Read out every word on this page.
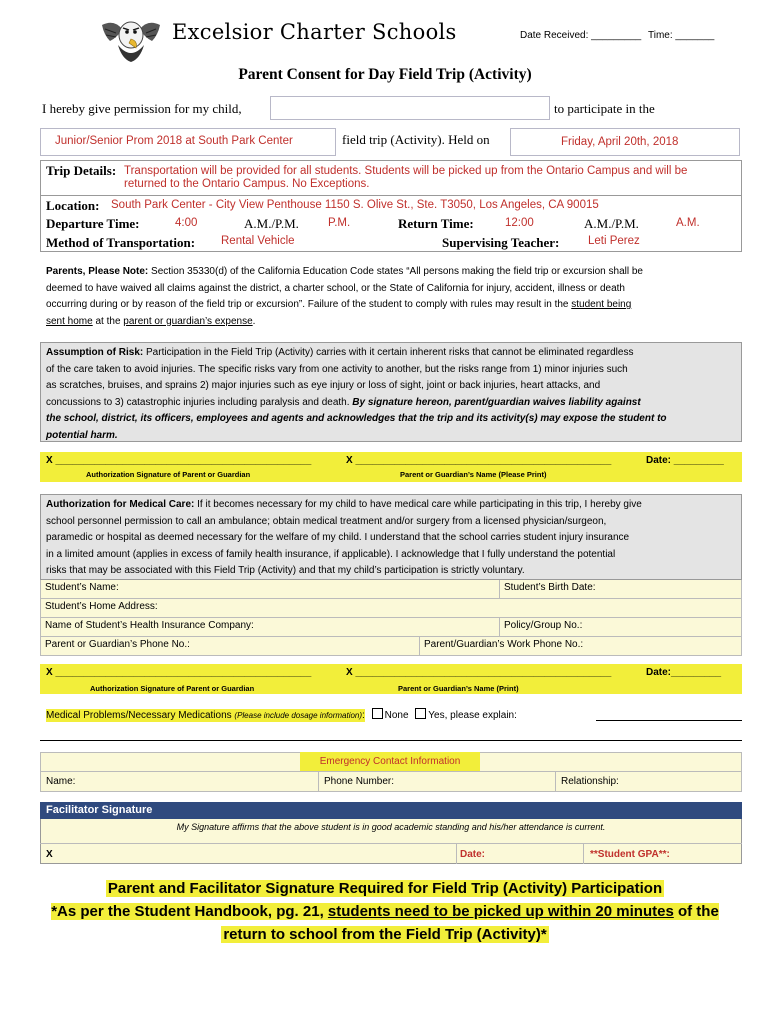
Excelsior Charter Schools	Date Received: _________ Time: _______
Parent Consent for Day Field Trip (Activity)
I hereby give permission for my child,	to participate in the
Junior/Senior Prom 2018 at South Park Center	field trip (Activity). Held on	Friday, April 20th, 2018
Trip Details: Transportation will be provided for all students. Students will be picked up from the Ontario Campus and will be
returned to the Ontario Campus. No Exceptions.
Location: South Park Center - City View Penthouse 1150 S. Olive St., Ste. T3050, Los Angeles, CA 90015
Departure Time:	4:00	A.M./P.M.	P.M.	Return Time:	12:00	A.M./P.M.	A.M.
Method of Transportation: Rental Vehicle	Supervising Teacher: Leti Perez
Parents, Please Note: Section 35330(d) of the California Education Code states “All persons making the field trip or excursion shall be
deemed to have waived all claims against the district, a charter school, or the State of California for injury, accident, illness or death
occurring during or by reason of the field trip or excursion”. Failure of the student to comply with rules may result in the student being
sent home at the parent or guardian’s expense.
Assumption of Risk: Participation in the Field Trip (Activity) carries with it certain inherent risks that cannot be eliminated regardless
of the care taken to avoid injuries. The specific risks vary from one activity to another, but the risks range from 1) minor injuries such
as scratches, bruises, and sprains 2) major injuries such as eye injury or loss of sight, joint or back injuries, heart attacks, and
concussions to 3) catastrophic injuries including paralysis and death. By signature hereon, parent/guardian waives liability against
the school, district, its officers, employees and agents and acknowledges that the trip and its activity(s) may expose the student to
potential harm.
X ______________________________________________	X ______________________________________________	Date: _________
Authorization Signature of Parent or Guardian	Parent or Guardian’s Name (Please Print)
Authorization for Medical Care: If it becomes necessary for my child to have medical care while participating in this trip, I hereby give
school personnel permission to call an ambulance; obtain medical treatment and/or surgery from a licensed physician/surgeon,
paramedic or hospital as deemed necessary for the welfare of my child. I understand that the school carries student injury insurance
in a limited amount (applies in excess of family health insurance, if applicable). I acknowledge that I fully understand the potential
risks that may be associated with this Field Trip (Activity) and that my child’s participation is strictly voluntary.
Student’s Name:	Student’s Birth Date:
Student’s Home Address:
Name of Student’s Health Insurance Company:	Policy/Group No.:
Parent or Guardian’s Phone No.:	Parent/Guardian’s Work Phone No.:
X ______________________________________________	X ______________________________________________	Date:_________
Authorization Signature of Parent or Guardian	Parent or Guardian’s Name (Print)
Medical Problems/Necessary Medications (Please include dosage information): None Yes, please explain:
Emergency Contact Information
Name:	Phone Number:	Relationship:
Facilitator Signature
My Signature affirms that the above student is in good academic standing and his/her attendance is current.
X	Date:	**Student GPA**:
Parent and Facilitator Signature Required for Field Trip (Activity) Participation
*As per the Student Handbook, pg. 21, students need to be picked up within 20 minutes of the
return to school from the Field Trip (Activity)*
